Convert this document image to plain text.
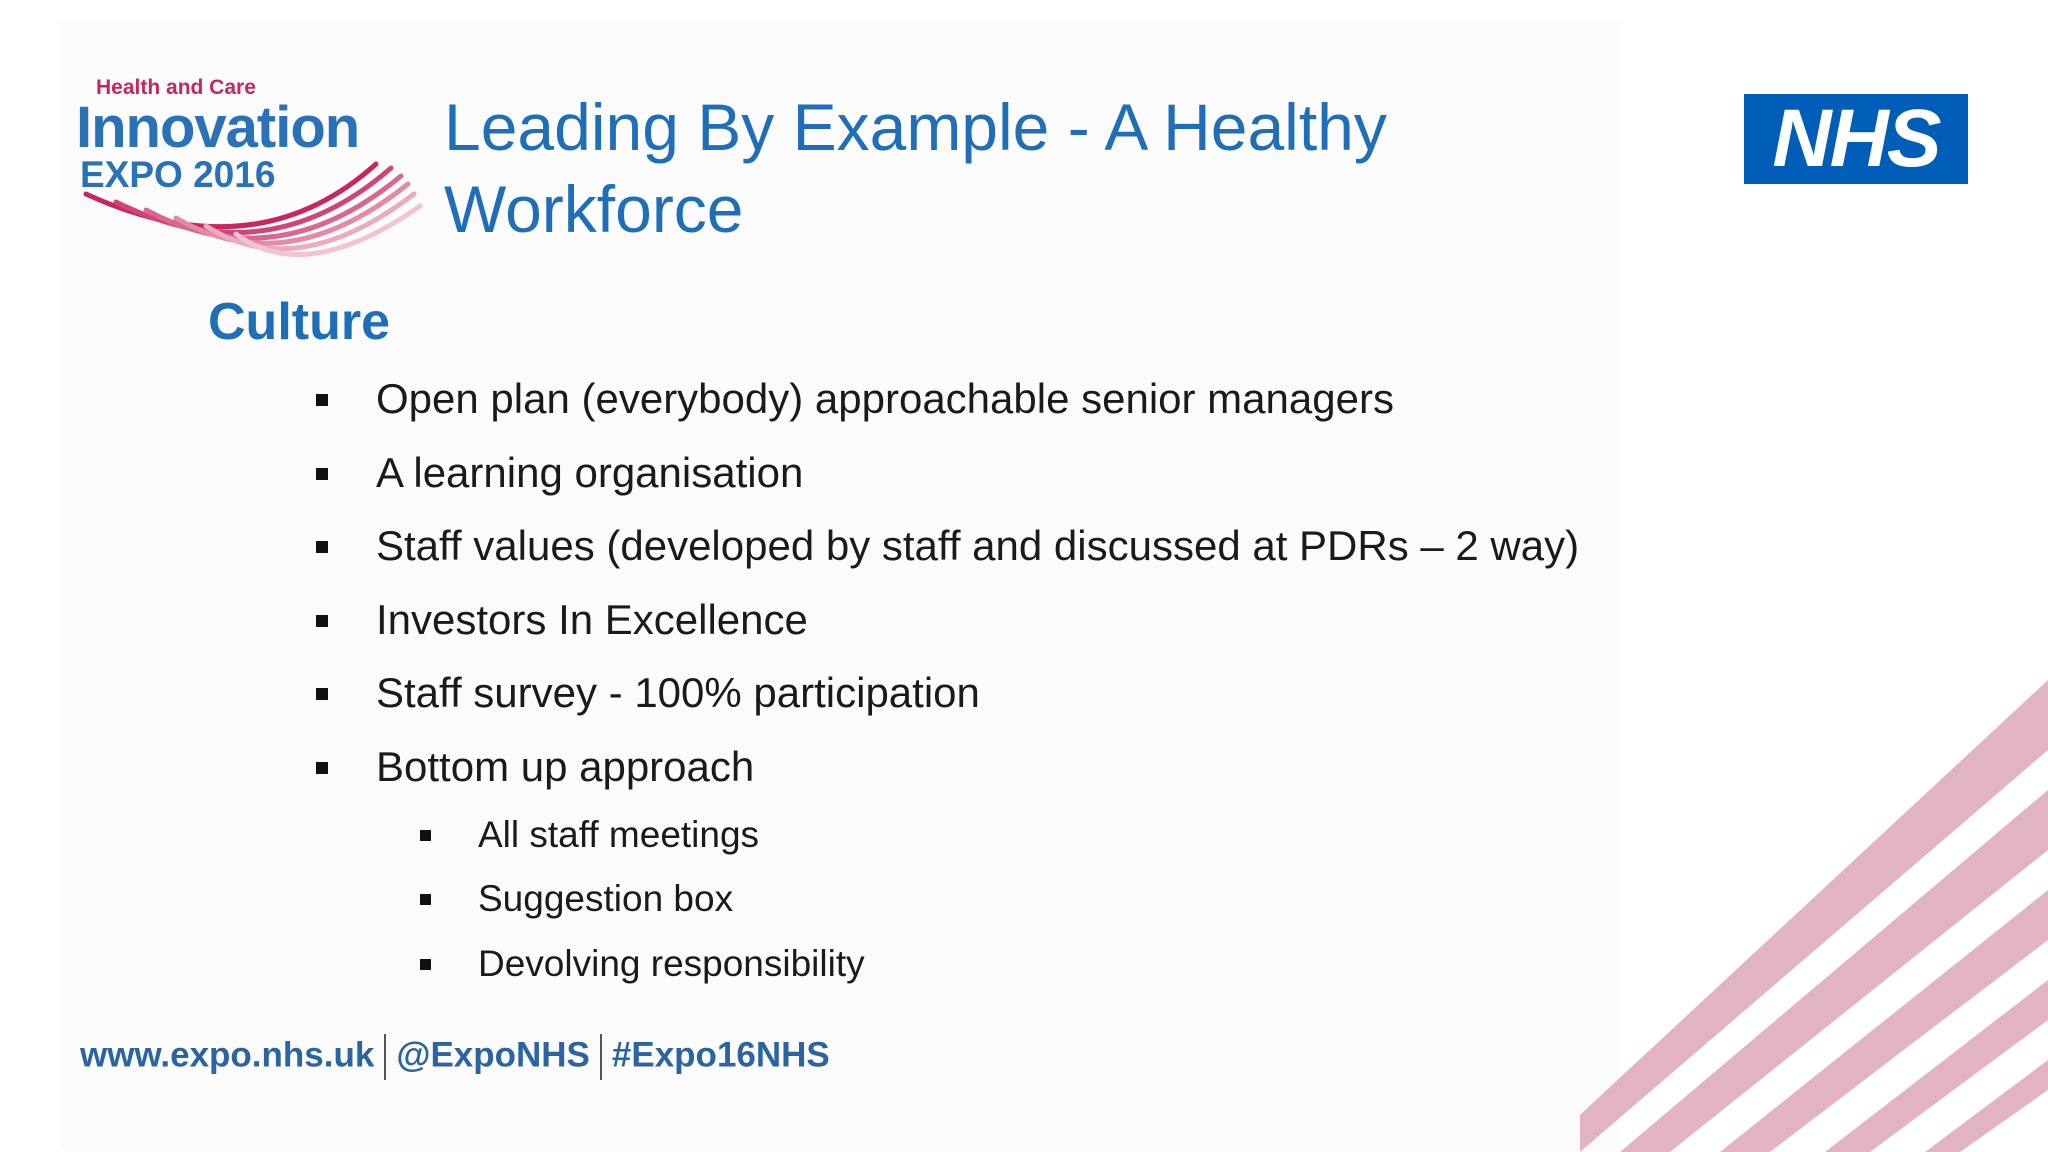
Health and Care
Innovation
EXPO 2016
Leading By Example - A Healthy
Workforce
NHS
Culture
Open plan (everybody) approachable senior managers
A learning organisation
Staff values (developed by staff and discussed at PDRs – 2 way)
Investors In Excellence
Staff survey - 100% participation
Bottom up approach
All staff meetings
Suggestion box
Devolving responsibility
www.expo.nhs.uk @ExpoNHS #Expo16NHS
